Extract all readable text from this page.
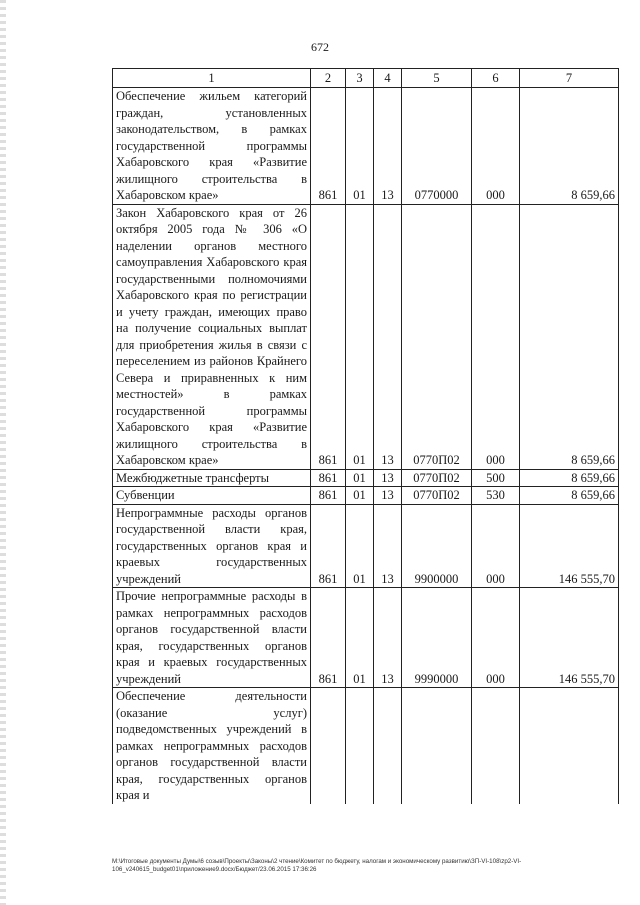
672
1	2	3	4	5	6	7
Обеспечение жильем категорий граждан, установленных законодательством, в рамках государственной программы Хабаровского края «Развитие жилищного строительства в Хабаровском крае»	861	01	13	0770000	000	8 659,66
Закон Хабаровского края от 26 октября 2005 года № 306 «О наделении органов местного самоуправления Хабаровского края государственными полномочиями Хабаровского края по регистрации и учету граждан, имеющих право на получение социальных выплат для приобретения жилья в связи с переселением из районов Крайнего Севера и приравненных к ним местностей» в рамках государственной программы Хабаровского края «Развитие жилищного строительства в Хабаровском крае»	861	01	13	0770П02	000	8 659,66
Межбюджетные трансферты	861	01	13	0770П02	500	8 659,66
Субвенции	861	01	13	0770П02	530	8 659,66
Непрограммные расходы органов государственной власти края, государственных органов края и краевых государственных учреждений	861	01	13	9900000	000	146 555,70
Прочие непрограммные расходы в рамках непрограммных расходов органов государственной власти края, государственных органов края и краевых государственных учреждений	861	01	13	9990000	000	146 555,70
Обеспечение деятельности (оказание услуг) подведомственных учреждений в рамках непрограммных расходов органов государственной власти края, государственных органов края и						
M:\Итоговые документы Думы\6 созыв\Проекты\Законы\2 чтение\Комитет по бюджету, налогам и экономическому развитию\ЗП-VI-108\zp2-VI-106_v240615_budget01\приложение9.docx/Бюджет/23.06.2015 17:36:26
